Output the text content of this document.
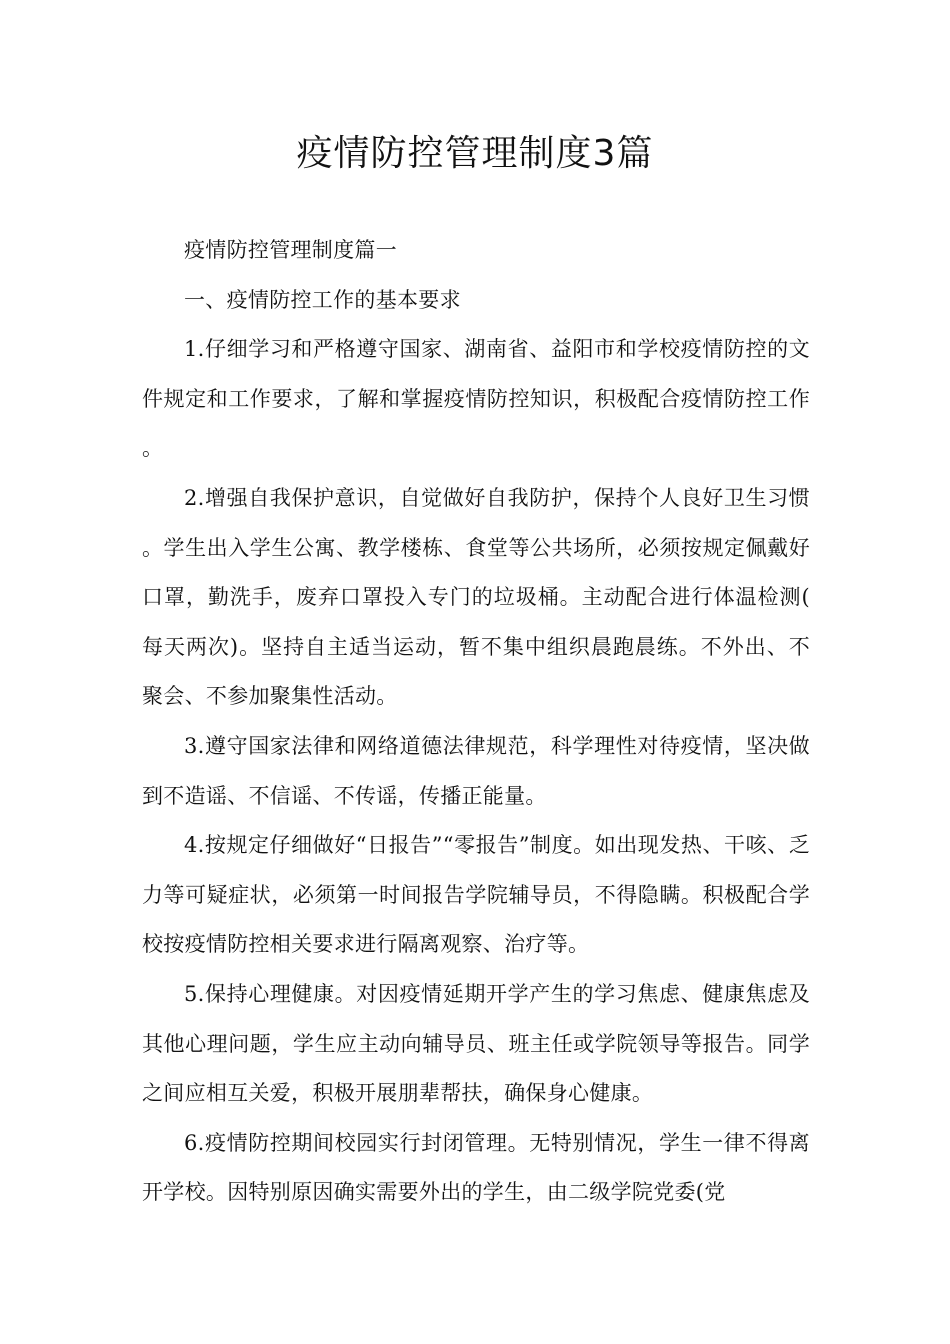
疫情防控管理制度3篇

疫情防控管理制度篇一

一、疫情防控工作的基本要求

1.仔细学习和严格遵守国家、湖南省、益阳市和学校疫情防控的文件规定和工作要求，了解和掌握疫情防控知识，积极配合疫情防控工作。

2.增强自我保护意识，自觉做好自我防护，保持个人良好卫生习惯。学生出入学生公寓、教学楼栋、食堂等公共场所，必须按规定佩戴好口罩，勤洗手，废弃口罩投入专门的垃圾桶。主动配合进行体温检测(每天两次)。坚持自主适当运动，暂不集中组织晨跑晨练。不外出、不聚会、不参加聚集性活动。

3.遵守国家法律和网络道德法律规范，科学理性对待疫情，坚决做到不造谣、不信谣、不传谣，传播正能量。

4.按规定仔细做好“日报告”“零报告”制度。如出现发热、干咳、乏力等可疑症状，必须第一时间报告学院辅导员，不得隐瞒。积极配合学校按疫情防控相关要求进行隔离观察、治疗等。

5.保持心理健康。对因疫情延期开学产生的学习焦虑、健康焦虑及其他心理问题，学生应主动向辅导员、班主任或学院领导等报告。同学之间应相互关爱，积极开展朋辈帮扶，确保身心健康。

6.疫情防控期间校园实行封闭管理。无特别情况，学生一律不得离开学校。因特别原因确实需要外出的学生，由二级学院党委(党
